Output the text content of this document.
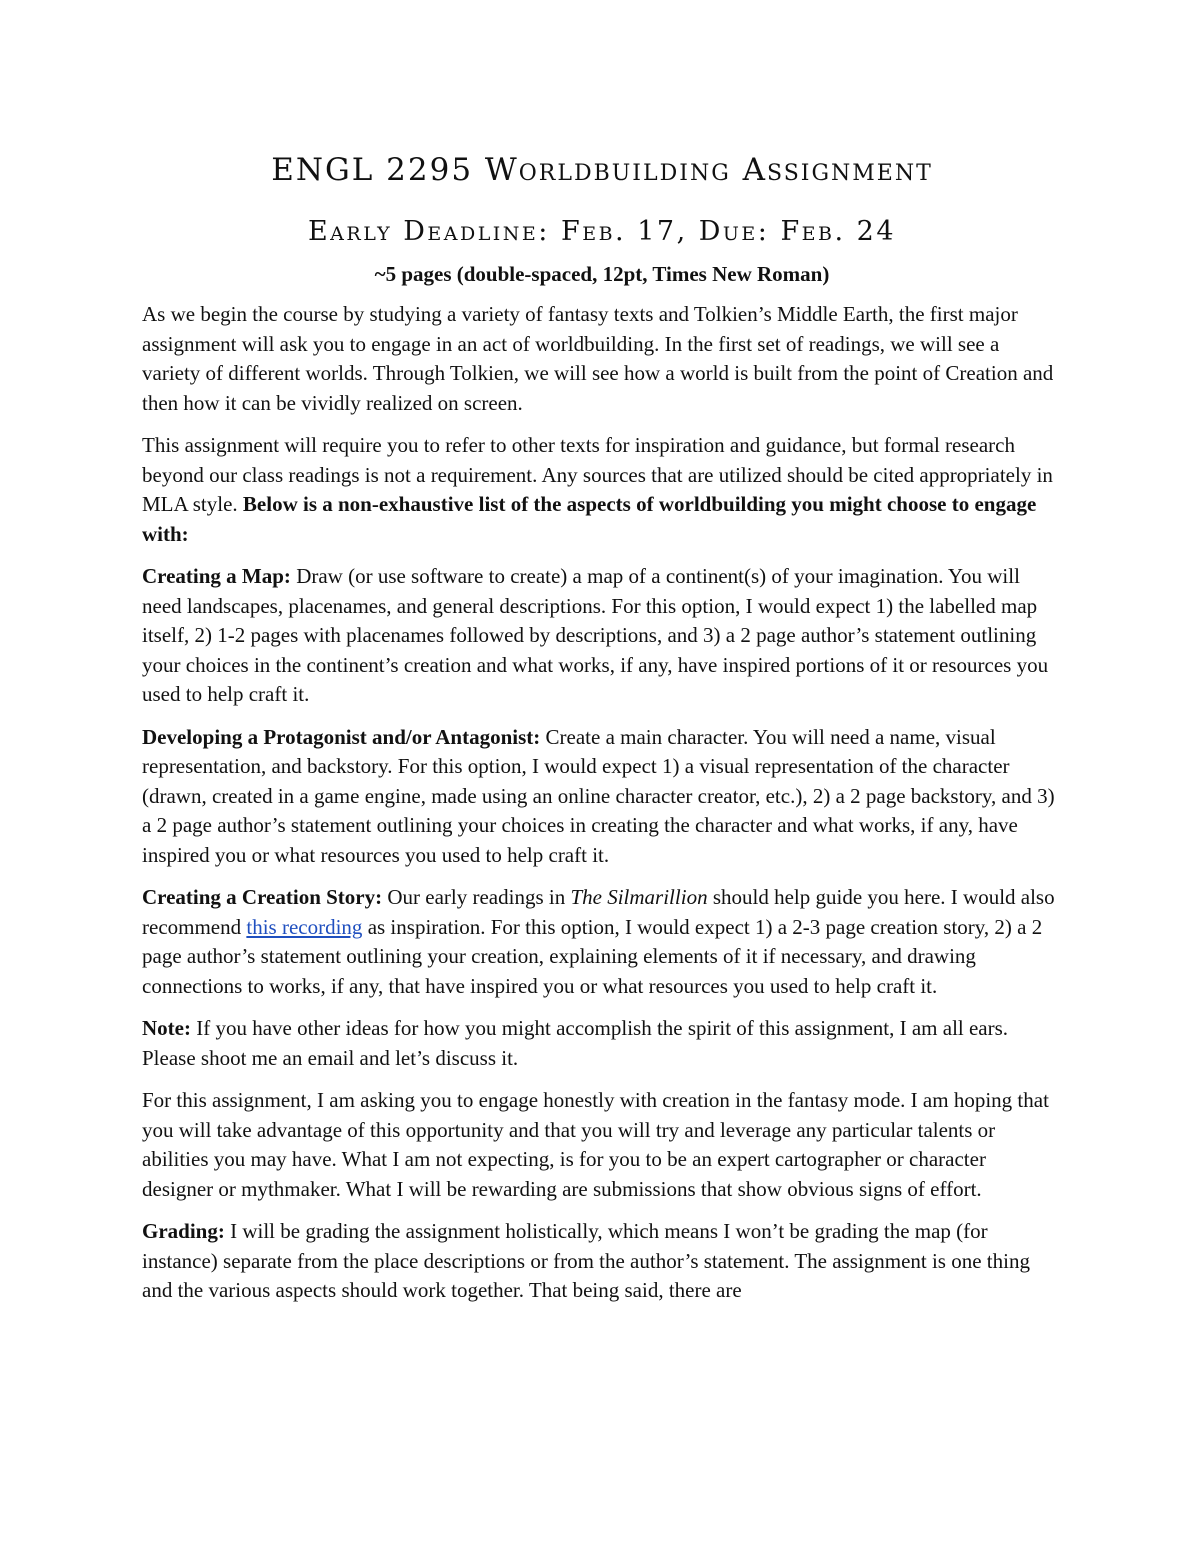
ENGL 2295 Worldbuilding Assignment
Early Deadline: Feb. 17, Due: Feb. 24
~5 pages (double-spaced, 12pt, Times New Roman)

As we begin the course by studying a variety of fantasy texts and Tolkien’s Middle Earth, the first major assignment will ask you to engage in an act of worldbuilding. In the first set of readings, we will see a variety of different worlds. Through Tolkien, we will see how a world is built from the point of Creation and then how it can be vividly realized on screen.

This assignment will require you to refer to other texts for inspiration and guidance, but formal research beyond our class readings is not a requirement. Any sources that are utilized should be cited appropriately in MLA style. Below is a non-exhaustive list of the aspects of worldbuilding you might choose to engage with:

Creating a Map: Draw (or use software to create) a map of a continent(s) of your imagination. You will need landscapes, placenames, and general descriptions. For this option, I would expect 1) the labelled map itself, 2) 1-2 pages with placenames followed by descriptions, and 3) a 2 page author’s statement outlining your choices in the continent’s creation and what works, if any, have inspired portions of it or resources you used to help craft it.

Developing a Protagonist and/or Antagonist: Create a main character. You will need a name, visual representation, and backstory. For this option, I would expect 1) a visual representation of the character (drawn, created in a game engine, made using an online character creator, etc.), 2) a 2 page backstory, and 3) a 2 page author’s statement outlining your choices in creating the character and what works, if any, have inspired you or what resources you used to help craft it.

Creating a Creation Story: Our early readings in The Silmarillion should help guide you here. I would also recommend this recording as inspiration. For this option, I would expect 1) a 2-3 page creation story, 2) a 2 page author’s statement outlining your creation, explaining elements of it if necessary, and drawing connections to works, if any, that have inspired you or what resources you used to help craft it.

Note: If you have other ideas for how you might accomplish the spirit of this assignment, I am all ears. Please shoot me an email and let’s discuss it.

For this assignment, I am asking you to engage honestly with creation in the fantasy mode. I am hoping that you will take advantage of this opportunity and that you will try and leverage any particular talents or abilities you may have. What I am not expecting, is for you to be an expert cartographer or character designer or mythmaker. What I will be rewarding are submissions that show obvious signs of effort.

Grading: I will be grading the assignment holistically, which means I won’t be grading the map (for instance) separate from the place descriptions or from the author’s statement. The assignment is one thing and the various aspects should work together. That being said, there are
